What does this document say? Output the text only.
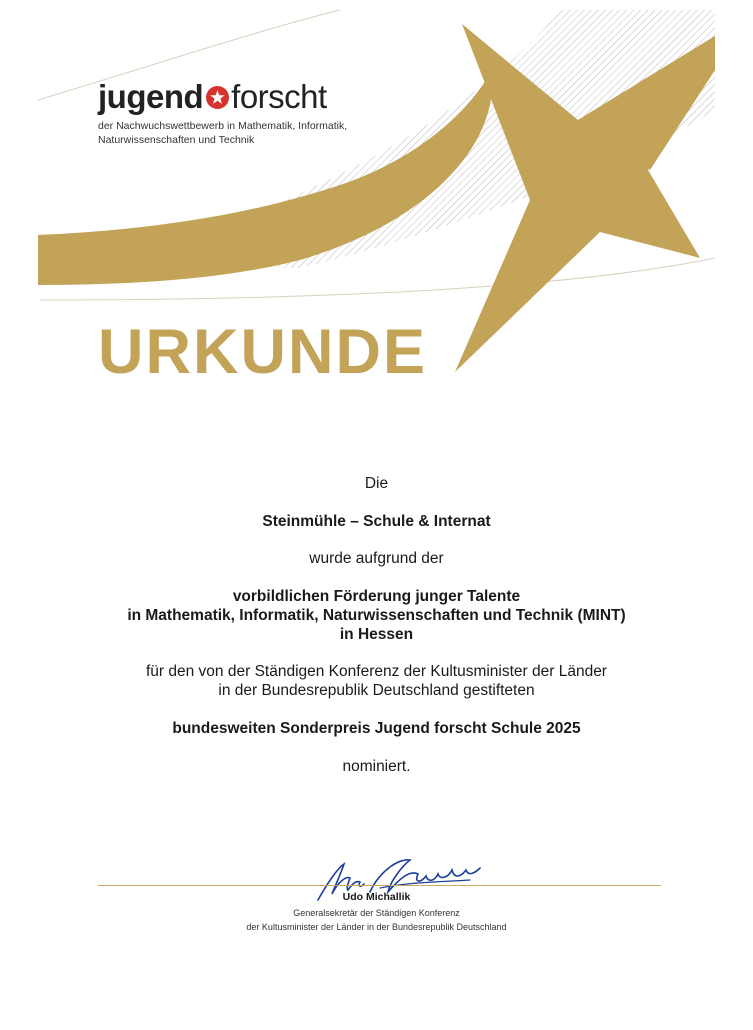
jugend forscht
der Nachwuchswettbewerb in Mathematik, Informatik,
Naturwissenschaften und Technik
URKUNDE
Die
Steinmühle – Schule & Internat
wurde aufgrund der
vorbildlichen Förderung junger Talente
in Mathematik, Informatik, Naturwissenschaften und Technik (MINT)
in Hessen
für den von der Ständigen Konferenz der Kultusminister der Länder
in der Bundesrepublik Deutschland gestifteten
bundesweiten Sonderpreis Jugend forscht Schule 2025
nominiert.
Udo Michallik
Generalsekretär der Ständigen Konferenz
der Kultusminister der Länder in der Bundesrepublik Deutschland
